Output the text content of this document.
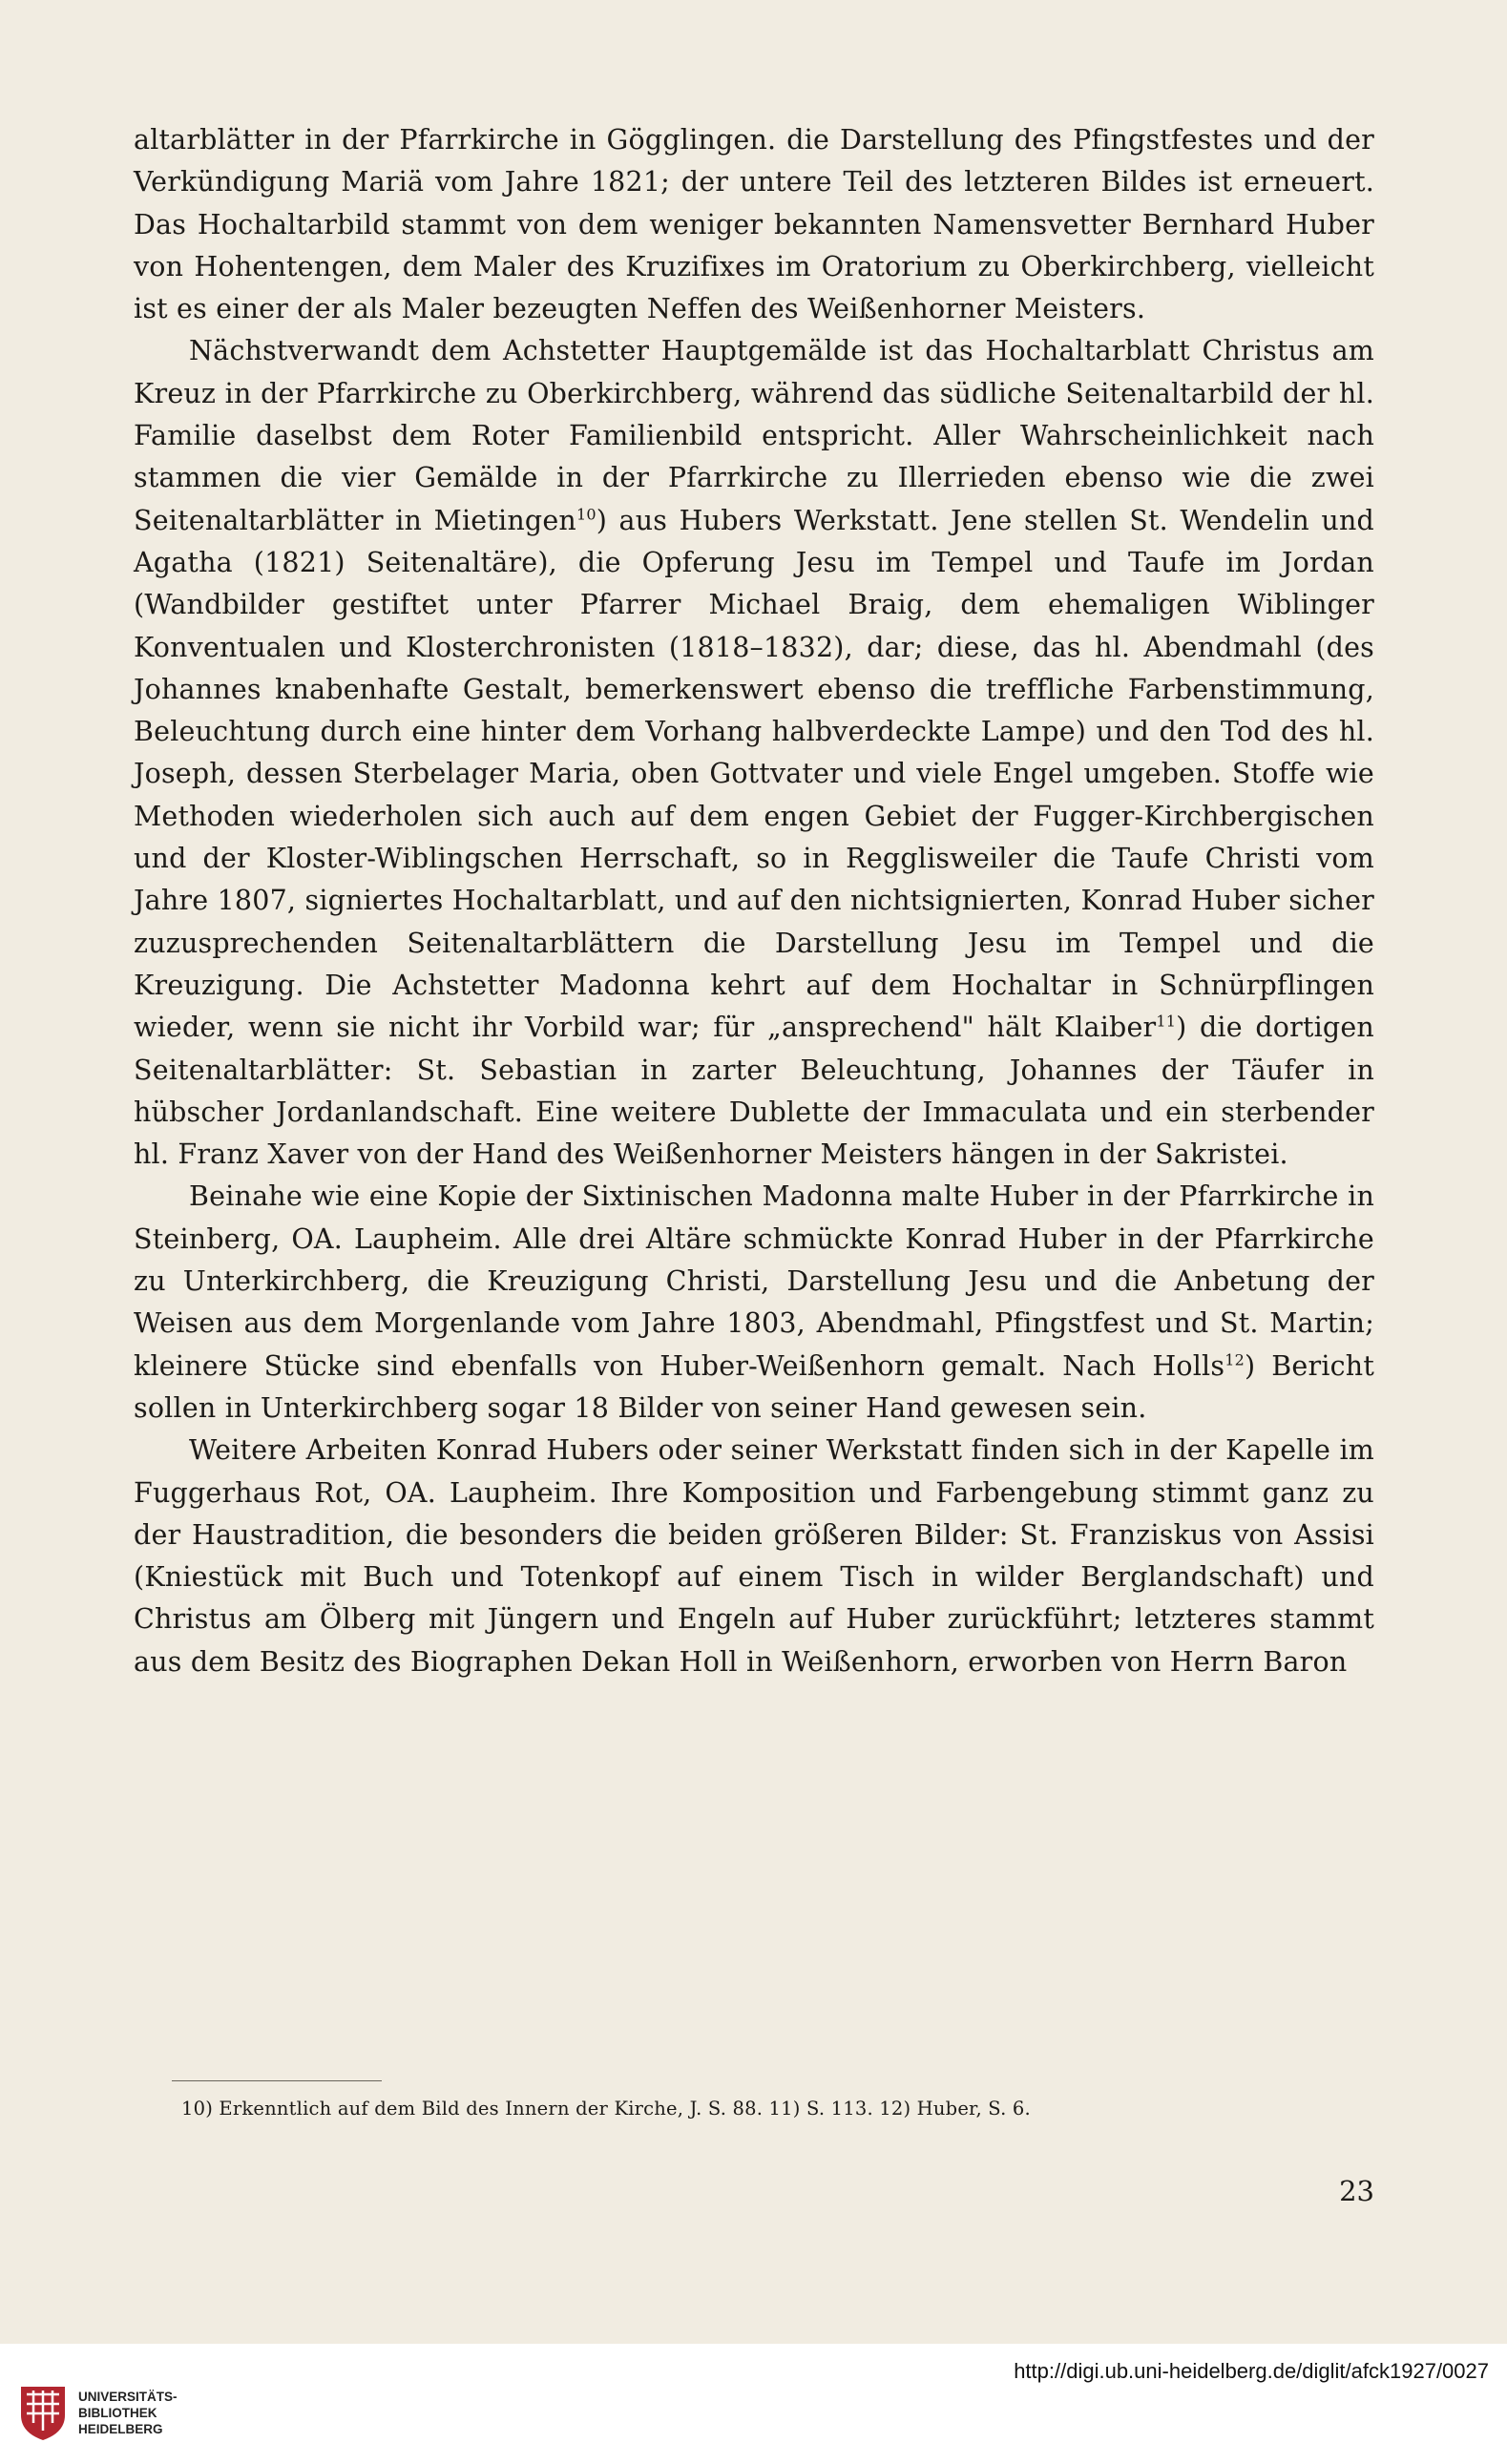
altarblätter in der Pfarrkirche in Gögglingen. die Darstellung des Pfingstfestes und der Verkündigung Mariä vom Jahre 1821; der untere Teil des letzteren Bildes ist erneuert. Das Hochaltarbild stammt von dem weniger bekannten Namensvetter Bernhard Huber von Hohentengen, dem Maler des Kruzifixes im Oratorium zu Oberkirchberg, vielleicht ist es einer der als Maler bezeugten Neffen des Weißenhorner Meisters.

Nächstverwandt dem Achstetter Hauptgemälde ist das Hochaltarblatt Christus am Kreuz in der Pfarrkirche zu Oberkirchberg, während das südliche Seitenaltarbild der hl. Familie daselbst dem Roter Familienbild entspricht. Aller Wahrscheinlichkeit nach stammen die vier Gemälde in der Pfarrkirche zu Illerrieden ebenso wie die zwei Seitenaltarblätter in Mietingen$^{10}$) aus Hubers Werkstatt. Jene stellen St. Wendelin und Agatha (1821) Seitenaltäre), die Opferung Jesu im Tempel und Taufe im Jordan (Wandbilder gestiftet unter Pfarrer Michael Braig, dem ehemaligen Wiblinger Konventualen und Klosterchronisten (1818–1832), dar; diese, das hl. Abendmahl (des Johannes knabenhafte Gestalt, bemerkenswert ebenso die treffliche Farbenstimmung, Beleuchtung durch eine hinter dem Vorhang halbverdeckte Lampe) und den Tod des hl. Joseph, dessen Sterbelager Maria, oben Gottvater und viele Engel umgeben. Stoffe wie Methoden wiederholen sich auch auf dem engen Gebiet der Fugger-Kirchbergischen und der Kloster-Wiblingschen Herrschaft, so in Reggliswеiler die Taufe Christi vom Jahre 1807, signiertes Hochaltarblatt, und auf den nichtsignierten, Konrad Huber sicher zuzusprechenden Seitenaltarblättern die Darstellung Jesu im Tempel und die Kreuzigung. Die Achstetter Madonna kehrt auf dem Hochaltar in Schnürpflingen wieder, wenn sie nicht ihr Vorbild war; für „ansprechend" hält Klaiber$^{11}$) die dortigen Seitenaltarblätter: St. Sebastian in zarter Beleuchtung, Johannes der Täufer in hübscher Jordanlandschaft. Eine weitere Dublette der Immaculata und ein sterbender hl. Franz Xaver von der Hand des Weißenhorner Meisters hängen in der Sakristei.

Beinahe wie eine Kopie der Sixtinischen Madonna malte Huber in der Pfarrkirche in Steinberg, OA. Laupheim. Alle drei Altäre schmückte Konrad Huber in der Pfarrkirche zu Unterkirchberg, die Kreuzigung Christi, Darstellung Jesu und die Anbetung der Weisen aus dem Morgenlande vom Jahre 1803, Abendmahl, Pfingstfest und St. Martin; kleinere Stücke sind ebenfalls von Huber-Weißenhorn gemalt. Nach Holls$^{12}$) Bericht sollen in Unterkirchberg sogar 18 Bilder von seiner Hand gewesen sein.

Weitere Arbeiten Konrad Hubers oder seiner Werkstatt finden sich in der Kapelle im Fuggerhaus Rot, OA. Laupheim. Ihre Komposition und Farbengebung stimmt ganz zu der Haustradition, die besonders die beiden größeren Bilder: St. Franziskus von Assisi (Kniestück mit Buch und Totenkopf auf einem Tisch in wilder Berglandschaft) und Christus am Ölberg mit Jüngern und Engeln auf Huber zurückführt; letzteres stammt aus dem Besitz des Biographen Dekan Holl in Weißenhorn, erworben von Herrn Baron

10) Erkenntlich auf dem Bild des Innern der Kirche, J. S. 88. 11) S. 113. 12) Huber, S. 6.
23
UNIVERSITÄTS-
BIBLIOTHEK
HEIDELBERG
http://digi.ub.uni-heidelberg.de/diglit/afck1927/0027
